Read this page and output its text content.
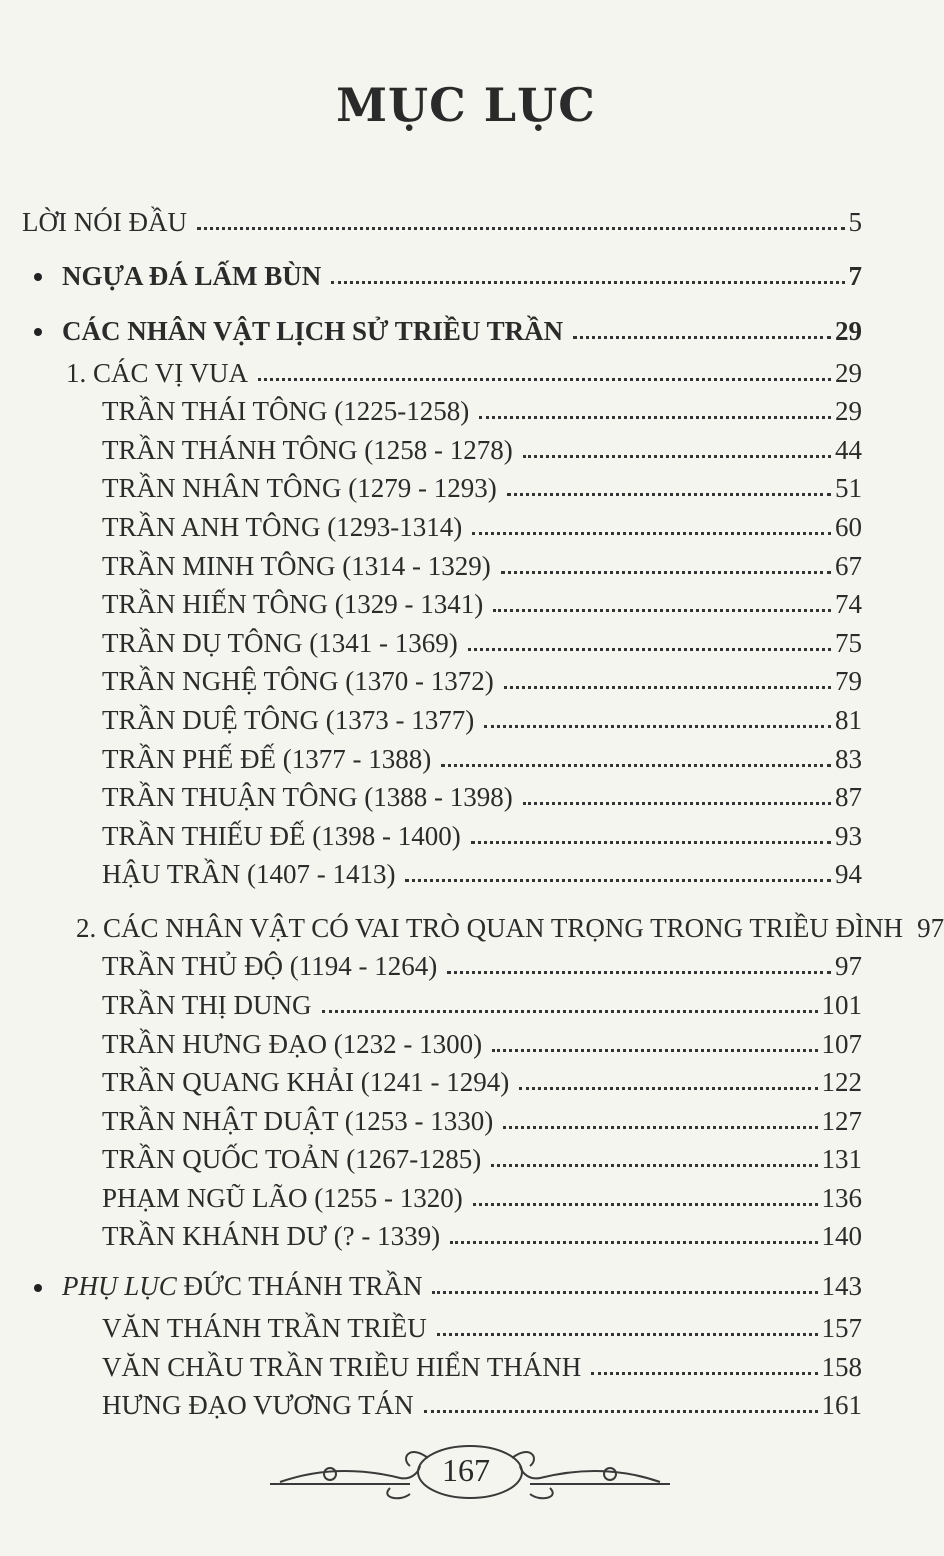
MỤC LỤC
LỜI NÓI ĐẦU	5
NGỰA ĐÁ LẤM BÙN	7
CÁC NHÂN VẬT LỊCH SỬ TRIỀU TRẦN	29
1. CÁC VỊ VUA	29
TRẦN THÁI TÔNG (1225-1258)	29
TRẦN THÁNH TÔNG (1258 - 1278)	44
TRẦN NHÂN TÔNG (1279 - 1293)	51
TRẦN ANH TÔNG (1293-1314)	60
TRẦN MINH TÔNG (1314 - 1329)	67
TRẦN HIẾN TÔNG (1329 - 1341)	74
TRẦN DỤ TÔNG (1341 - 1369)	75
TRẦN NGHỆ TÔNG (1370 - 1372)	79
TRẦN DUỆ TÔNG (1373 - 1377)	81
TRẦN PHẾ ĐẾ (1377 - 1388)	83
TRẦN THUẬN TÔNG (1388 - 1398)	87
TRẦN THIẾU ĐẾ (1398 - 1400)	93
HẬU TRẦN (1407 - 1413)	94
2. CÁC NHÂN VẬT CÓ VAI TRÒ QUAN TRỌNG TRONG TRIỀU ĐÌNH 97
TRẦN THỦ ĐỘ (1194 - 1264)	97
TRẦN THỊ DUNG	101
TRẦN HƯNG ĐẠO (1232 - 1300)	107
TRẦN QUANG KHẢI (1241 - 1294)	122
TRẦN NHẬT DUẬT (1253 - 1330)	127
TRẦN QUỐC TOẢN (1267-1285)	131
PHẠM NGŨ LÃO (1255 - 1320)	136
TRẦN KHÁNH DƯ (? - 1339)	140
PHỤ LỤC ĐỨC THÁNH TRẦN	143
VĂN THÁNH TRẦN TRIỀU	157
VĂN CHẦU TRẦN TRIỀU HIỂN THÁNH	158
HƯNG ĐẠO VƯƠNG TÁN	161
167
